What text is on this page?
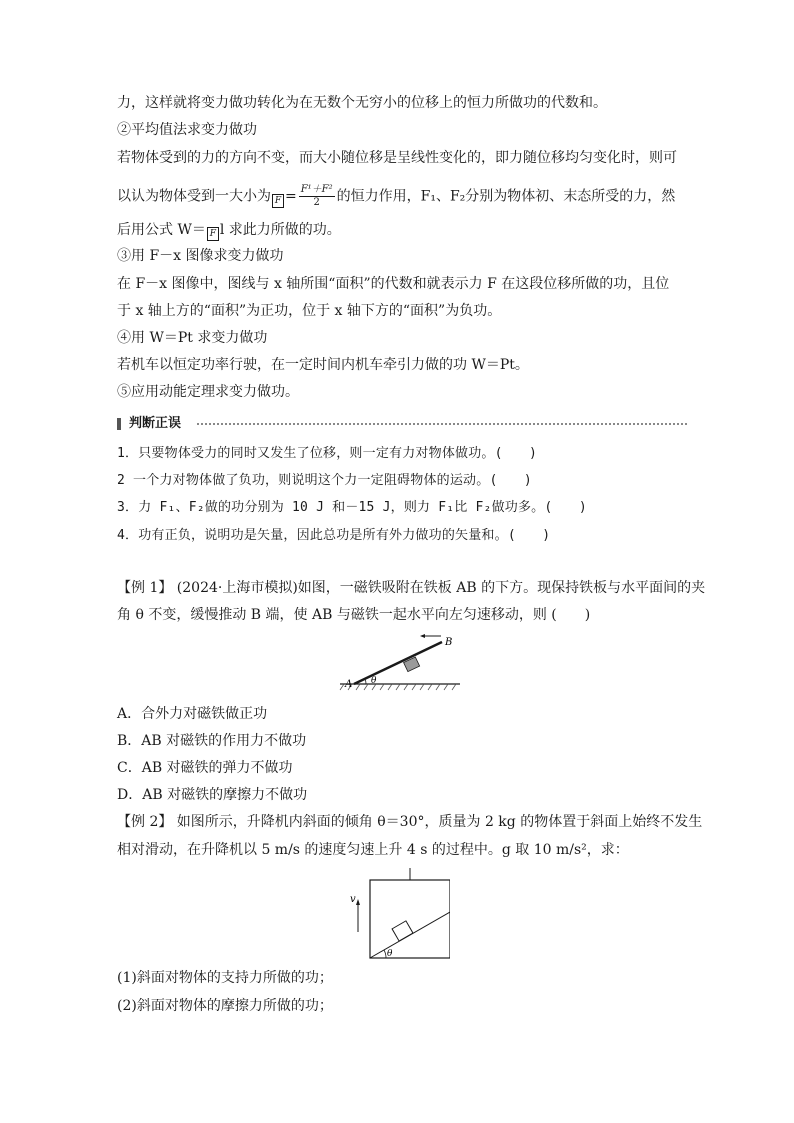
力，这样就将变力做功转化为在无数个无穷小的位移上的恒力所做功的代数和。
②平均值法求变力做功
若物体受到的力的方向不变，而大小随位移是呈线性变化的，即力随位移均匀变化时，则可
以认为物体受到一大小为 $F = \frac{\text{F¹＋F²}}{2}$ 的恒力作用，F₁、F₂分别为物体初、末态所受的力，然
后用公式 W＝ F l 求此力所做的功。
③用 F－x 图像求变力做功
在 F－x 图像中，图线与 x 轴所围“面积”的代数和就表示力 F 在这段位移所做的功，且位
于 x 轴上方的“面积”为正功，位于 x 轴下方的“面积”为负功。
④用 W＝Pt 求变力做功
若机车以恒定功率行驶，在一定时间内机车牵引力做的功 W＝Pt。
⑤应用动能定理求变力做功。
判断正误
1．只要物体受力的同时又发生了位移，则一定有力对物体做功。(　　)
2 一个力对物体做了负功，则说明这个力一定阻碍物体的运动。(　　)
3．力 F₁、F₂做的功分别为 10 J 和－15 J，则力 F₁比 F₂做功多。(　　)
4．功有正负，说明功是矢量，因此总功是所有外力做功的矢量和。(　　)
【例 1】 (2024·上海市模拟)如图，一磁铁吸附在铁板 AB 的下方。现保持铁板与水平面间的夹
角 θ 不变，缓慢推动 B 端，使 AB 与磁铁一起水平向左匀速移动，则 (　　)
A
B
θ
A．合外力对磁铁做正功
B．AB 对磁铁的作用力不做功
C．AB 对磁铁的弹力不做功
D．AB 对磁铁的摩擦力不做功
【例 2】 如图所示，升降机内斜面的倾角 θ＝30°，质量为 2 kg 的物体置于斜面上始终不发生
相对滑动，在升降机以 5 m/s 的速度匀速上升 4 s 的过程中。g 取 10 m/s²，求：
v
θ
(1)斜面对物体的支持力所做的功；
(2)斜面对物体的摩擦力所做的功；
